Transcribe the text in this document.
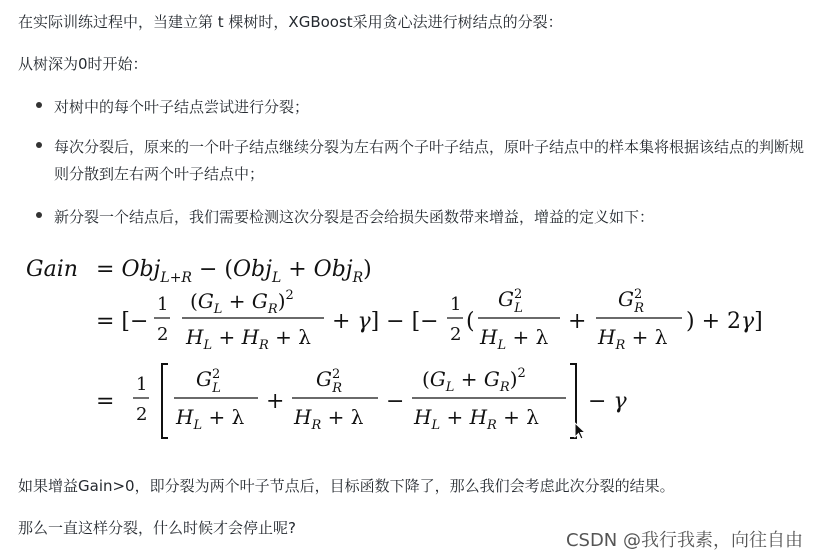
在实际训练过程中，当建立第 t 棵树时，XGBoost采用贪心法进行树结点的分裂：
从树深为0时开始：
对树中的每个叶子结点尝试进行分裂；
每次分裂后，原来的一个叶子结点继续分裂为左右两个子叶子结点，原叶子结点中的样本集将根据该结点的判断规则分散到左右两个叶子结点中；
新分裂一个结点后，我们需要检测这次分裂是否会给损失函数带来增益，增益的定义如下：
Gain = Obj$_{L+R}$ − (Obj$_L$ + Obj$_R$)
= [−
1
2
$(G_L + G_R)^2$
$H_L + H_R + \lambda$
+ γ] − [−
1
2
(
$G^2$ L
$H_L + \lambda$
+
$G^2$ R
$H_R + \lambda$
) + 2γ]
=
1
2
$G^2$ L
$H_L + \lambda$
+
$G^2$ R
$H_R + \lambda$
−
$(G_L + G_R)^2$
$H_L + H_R + \lambda$
− γ
如果增益Gain>0，即分裂为两个叶子节点后，目标函数下降了，那么我们会考虑此次分裂的结果。
那么一直这样分裂，什么时候才会停止呢?
CSDN @我行我素，向往自由
